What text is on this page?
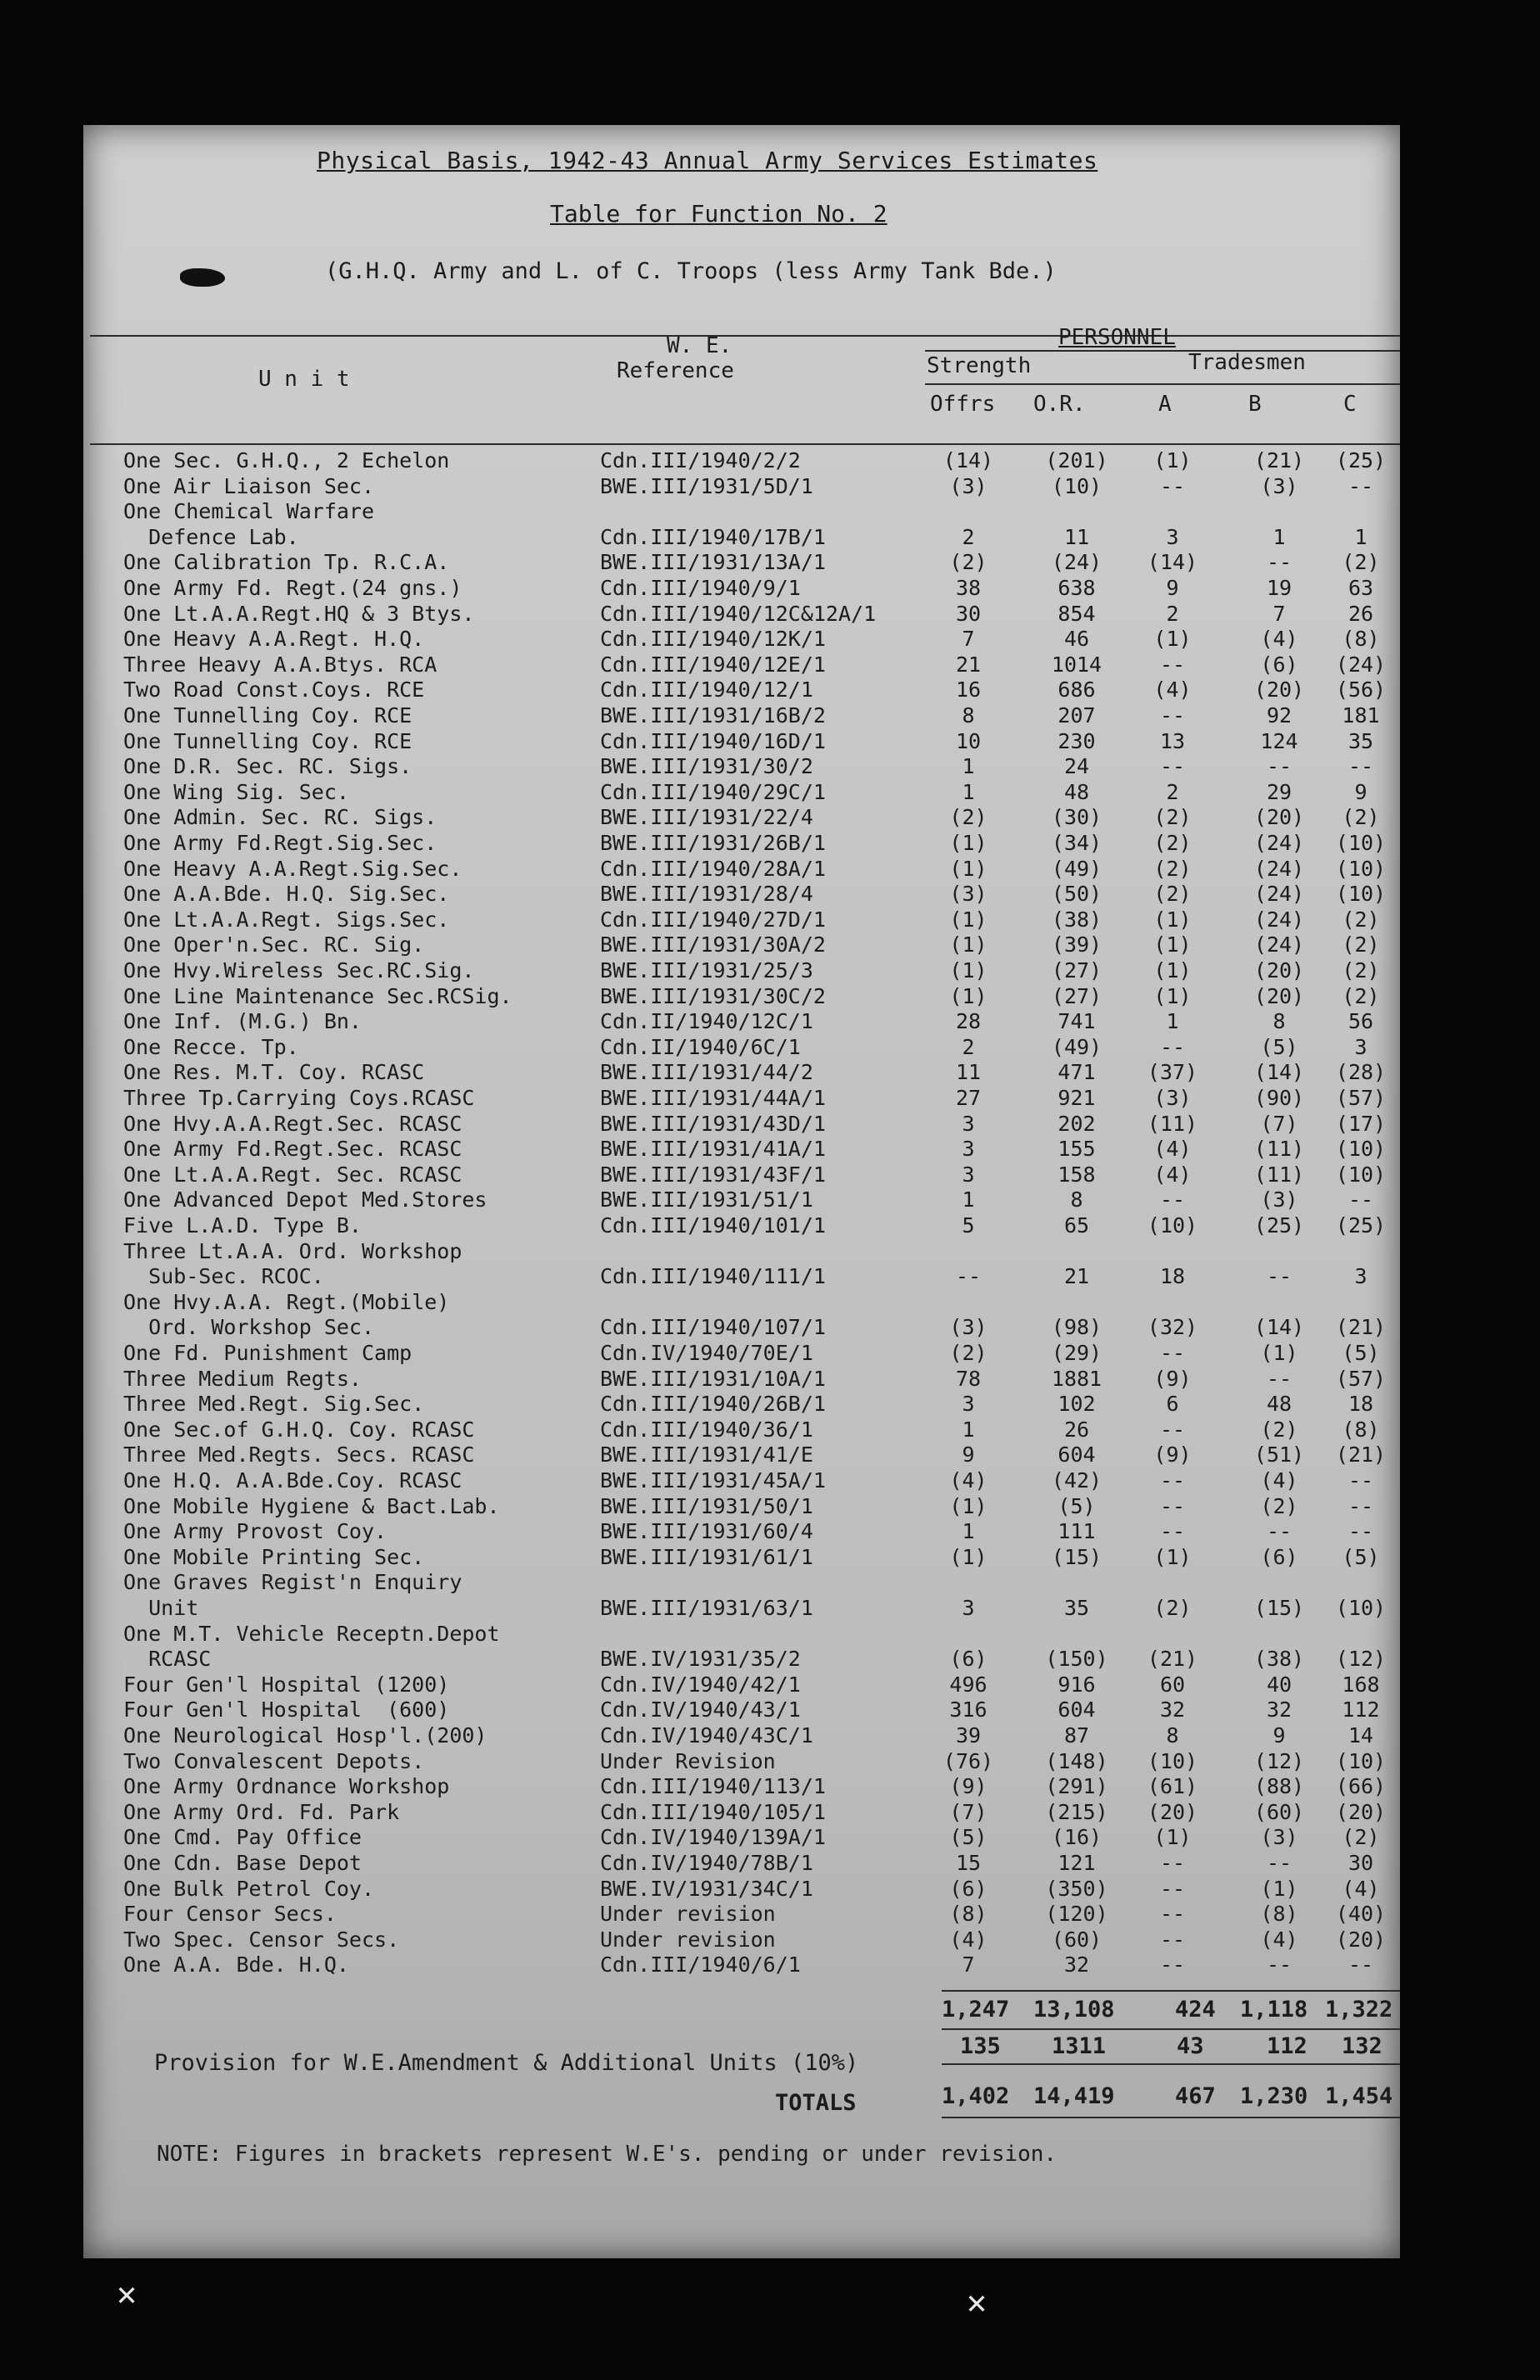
Physical Basis, 1942-43 Annual Army Services Estimates
Table for Function No. 2
(G.H.Q. Army and L. of C. Troops (less Army Tank Bde.)
W. E.
Reference
U n i t
PERSONNEL
Strength	Tradesmen
Offrs O.R.	A	B	C
One Sec. G.H.Q., 2 Echelon	Cdn.III/1940/2/2	(14)	(201)	(1)	(21)	(25)
One Air Liaison Sec.	BWE.III/1931/5D/1	(3)	(10)	--	(3)	--
One Chemical Warfare
Defence Lab.	Cdn.III/1940/17B/1	2	11	3	1	1
One Calibration Tp. R.C.A.	BWE.III/1931/13A/1	(2)	(24)	(14)	--	(2)
One Army Fd. Regt.(24 gns.)	Cdn.III/1940/9/1	38	638	9	19	63
One Lt.A.A.Regt.HQ & 3 Btys.	Cdn.III/1940/12C&12A/1	30	854	2	7	26
One Heavy A.A.Regt. H.Q.	Cdn.III/1940/12K/1	7	46	(1)	(4)	(8)
Three Heavy A.A.Btys. RCA	Cdn.III/1940/12E/1	21	1014	--	(6)	(24)
Two Road Const.Coys. RCE	Cdn.III/1940/12/1	16	686	(4)	(20)	(56)
One Tunnelling Coy. RCE	BWE.III/1931/16B/2	8	207	--	92	181
One Tunnelling Coy. RCE	Cdn.III/1940/16D/1	10	230	13	124	35
One D.R. Sec. RC. Sigs.	BWE.III/1931/30/2	1	24	--	--	--
One Wing Sig. Sec.	Cdn.III/1940/29C/1	1	48	2	29	9
One Admin. Sec. RC. Sigs.	BWE.III/1931/22/4	(2)	(30)	(2)	(20)	(2)
One Army Fd.Regt.Sig.Sec.	BWE.III/1931/26B/1	(1)	(34)	(2)	(24)	(10)
One Heavy A.A.Regt.Sig.Sec.	Cdn.III/1940/28A/1	(1)	(49)	(2)	(24)	(10)
One A.A.Bde. H.Q. Sig.Sec.	BWE.III/1931/28/4	(3)	(50)	(2)	(24)	(10)
One Lt.A.A.Regt. Sigs.Sec.	Cdn.III/1940/27D/1	(1)	(38)	(1)	(24)	(2)
One Oper'n.Sec. RC. Sig.	BWE.III/1931/30A/2	(1)	(39)	(1)	(24)	(2)
One Hvy.Wireless Sec.RC.Sig.	BWE.III/1931/25/3	(1)	(27)	(1)	(20)	(2)
One Line Maintenance Sec.RCSig.	BWE.III/1931/30C/2	(1)	(27)	(1)	(20)	(2)
One Inf. (M.G.) Bn.	Cdn.II/1940/12C/1	28	741	1	8	56
One Recce. Tp.	Cdn.II/1940/6C/1	2	(49)	--	(5)	3
One Res. M.T. Coy. RCASC	BWE.III/1931/44/2	11	471	(37)	(14)	(28)
Three Tp.Carrying Coys.RCASC	BWE.III/1931/44A/1	27	921	(3)	(90)	(57)
One Hvy.A.A.Regt.Sec. RCASC	BWE.III/1931/43D/1	3	202	(11)	(7)	(17)
One Army Fd.Regt.Sec. RCASC	BWE.III/1931/41A/1	3	155	(4)	(11)	(10)
One Lt.A.A.Regt. Sec. RCASC	BWE.III/1931/43F/1	3	158	(4)	(11)	(10)
One Advanced Depot Med.Stores	BWE.III/1931/51/1	1	8	--	(3)	--
Five L.A.D. Type B.	Cdn.III/1940/101/1	5	65	(10)	(25)	(25)
Three Lt.A.A. Ord. Workshop
Sub-Sec. RCOC.	Cdn.III/1940/111/1	--	21	18	--	3
One Hvy.A.A. Regt.(Mobile)
Ord. Workshop Sec.	Cdn.III/1940/107/1	(3)	(98)	(32)	(14)	(21)
One Fd. Punishment Camp	Cdn.IV/1940/70E/1	(2)	(29)	--	(1)	(5)
Three Medium Regts.	BWE.III/1931/10A/1	78	1881	(9)	--	(57)
Three Med.Regt. Sig.Sec.	Cdn.III/1940/26B/1	3	102	6	48	18
One Sec.of G.H.Q. Coy. RCASC	Cdn.III/1940/36/1	1	26	--	(2)	(8)
Three Med.Regts. Secs. RCASC	BWE.III/1931/41/E	9	604	(9)	(51)	(21)
One H.Q. A.A.Bde.Coy. RCASC	BWE.III/1931/45A/1	(4)	(42)	--	(4)	--
One Mobile Hygiene & Bact.Lab.	BWE.III/1931/50/1	(1)	(5)	--	(2)	--
One Army Provost Coy.	BWE.III/1931/60/4	1	111	--	--	--
One Mobile Printing Sec.	BWE.III/1931/61/1	(1)	(15)	(1)	(6)	(5)
One Graves Regist'n Enquiry
Unit	BWE.III/1931/63/1	3	35	(2)	(15)	(10)
One M.T. Vehicle Receptn.Depot
RCASC	BWE.IV/1931/35/2	(6)	(150)	(21)	(38)	(12)
Four Gen'l Hospital (1200)	Cdn.IV/1940/42/1	496	916	60	40	168
Four Gen'l Hospital  (600)	Cdn.IV/1940/43/1	316	604	32	32	112
One Neurological Hosp'l.(200)	Cdn.IV/1940/43C/1	39	87	8	9	14
Two Convalescent Depots.	Under Revision	(76)	(148)	(10)	(12)	(10)
One Army Ordnance Workshop	Cdn.III/1940/113/1	(9)	(291)	(61)	(88)	(66)
One Army Ord. Fd. Park	Cdn.III/1940/105/1	(7)	(215)	(20)	(60)	(20)
One Cmd. Pay Office	Cdn.IV/1940/139A/1	(5)	(16)	(1)	(3)	(2)
One Cdn. Base Depot	Cdn.IV/1940/78B/1	15	121	--	--	30
One Bulk Petrol Coy.	BWE.IV/1931/34C/1	(6)	(350)	--	(1)	(4)
Four Censor Secs.	Under revision	(8)	(120)	--	(8)	(40)
Two Spec. Censor Secs.	Under revision	(4)	(60)	--	(4)	(20)
One A.A. Bde. H.Q.	Cdn.III/1940/6/1	7	32	--	--	--
1,247 13,108	424 1,118 1,322
Provision for W.E.Amendment & Additional Units (10%)
135 1311	43	112 132
TOTALS	1,402 14,419	467 1,230 1,454
NOTE: Figures in brackets represent W.E's. pending or under revision.
✕	✕
